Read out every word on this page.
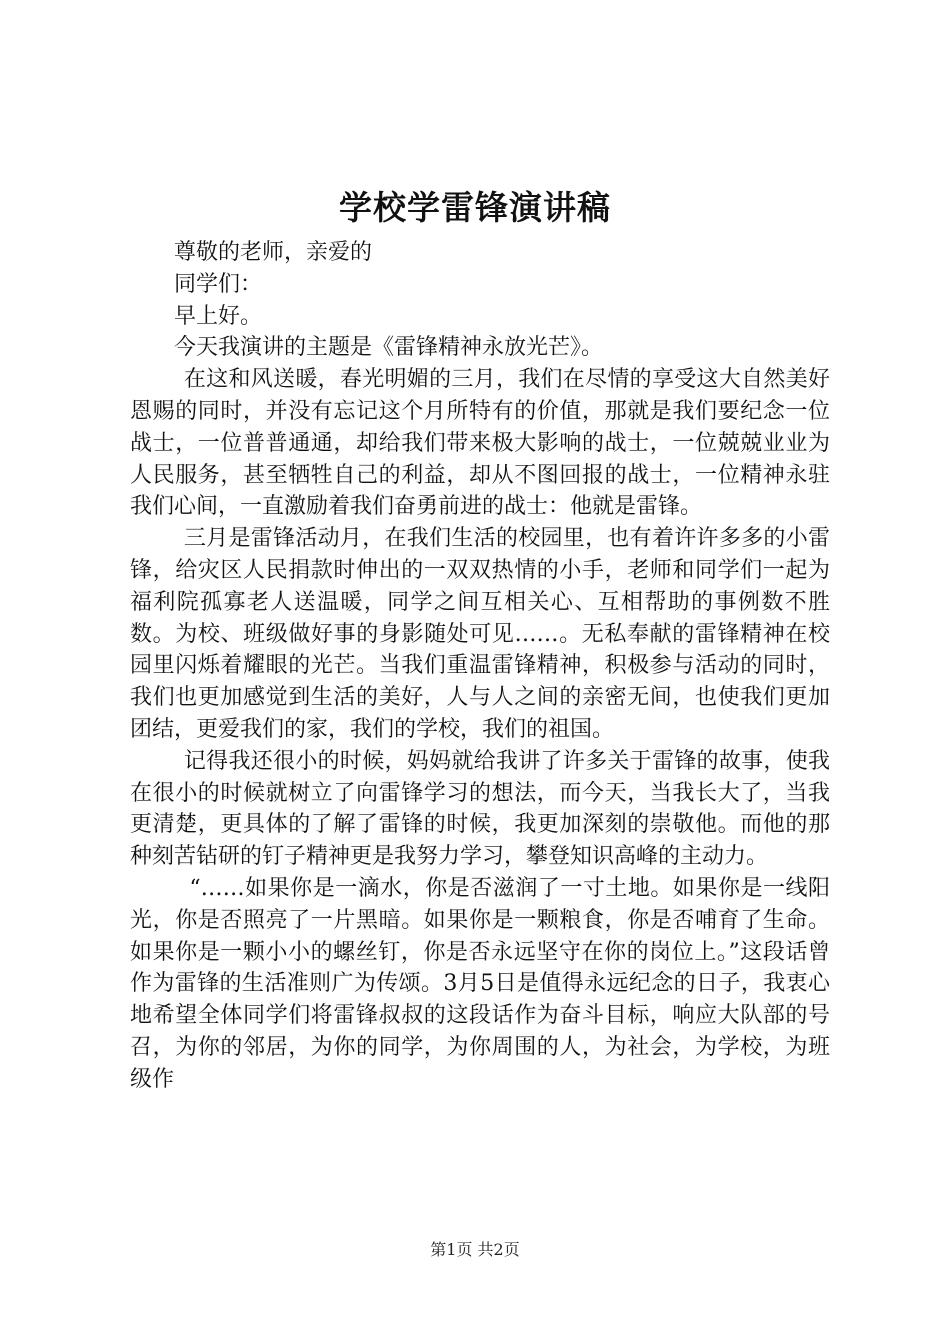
学校学雷锋演讲稿

尊敬的老师，亲爱的

同学们：

早上好。

今天我演讲的主题是《雷锋精神永放光芒》。

在这和风送暖，春光明媚的三月，我们在尽情的享受这大自然美好恩赐的同时，并没有忘记这个月所特有的价值，那就是我们要纪念一位战士，一位普普通通，却给我们带来极大影响的战士，一位兢兢业业为人民服务，甚至牺牲自己的利益，却从不图回报的战士，一位精神永驻我们心间，一直激励着我们奋勇前进的战士：他就是雷锋。

三月是雷锋活动月，在我们生活的校园里，也有着许许多多的小雷锋，给灾区人民捐款时伸出的一双双热情的小手，老师和同学们一起为福利院孤寡老人送温暖，同学之间互相关心、互相帮助的事例数不胜数。为校、班级做好事的身影随处可见……。无私奉献的雷锋精神在校园里闪烁着耀眼的光芒。当我们重温雷锋精神，积极参与活动的同时，我们也更加感觉到生活的美好，人与人之间的亲密无间，也使我们更加团结，更爱我们的家，我们的学校，我们的祖国。

记得我还很小的时候，妈妈就给我讲了许多关于雷锋的故事，使我在很小的时候就树立了向雷锋学习的想法，而今天，当我长大了，当我更清楚，更具体的了解了雷锋的时候，我更加深刻的崇敬他。而他的那种刻苦钻研的钉子精神更是我努力学习，攀登知识高峰的主动力。

“……如果你是一滴水，你是否滋润了一寸土地。如果你是一线阳光，你是否照亮了一片黑暗。如果你是一颗粮食，你是否哺育了生命。如果你是一颗小小的螺丝钉，你是否永远坚守在你的岗位上。”这段话曾作为雷锋的生活准则广为传颂。3月5日是值得永远纪念的日子，我衷心地希望全体同学们将雷锋叔叔的这段话作为奋斗目标，响应大队部的号召，为你的邻居，为你的同学，为你周围的人，为社会，为学校，为班级作

第1页 共2页
